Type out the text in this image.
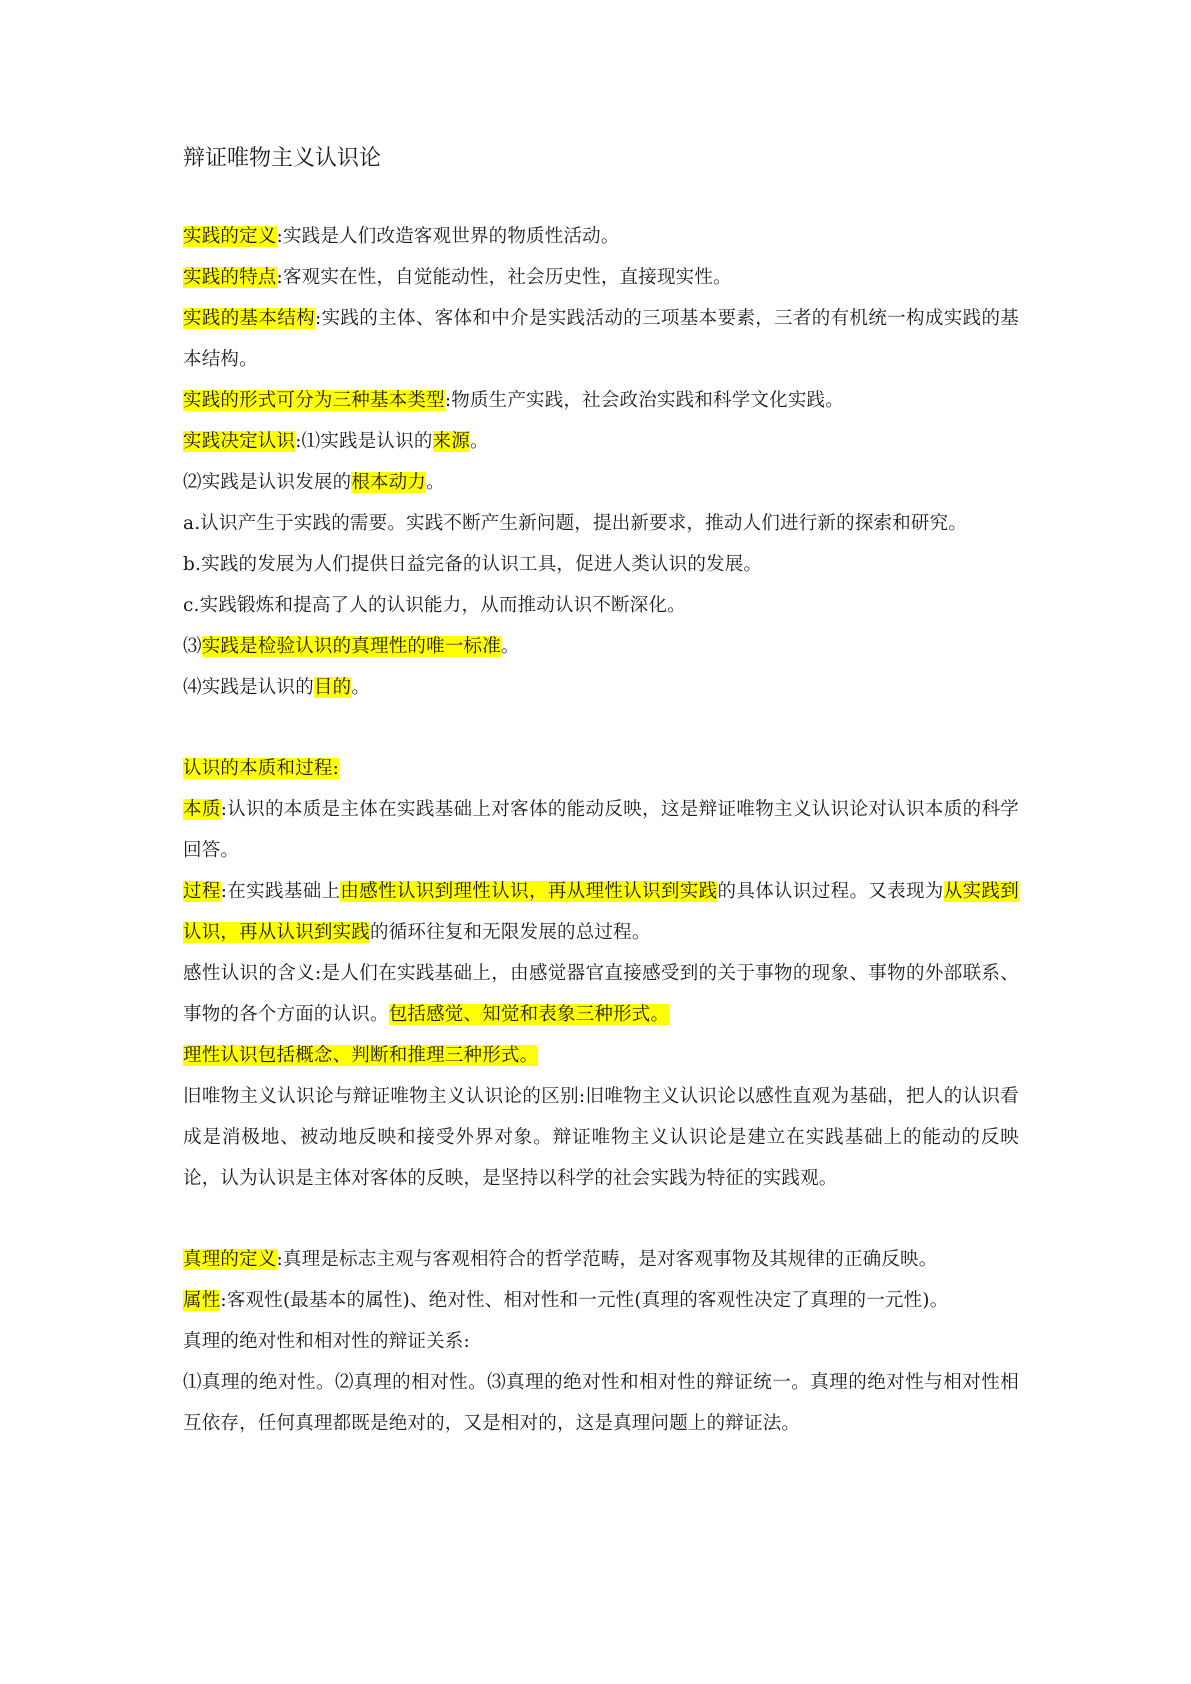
辩证唯物主义认识论

实践的定义:实践是人们改造客观世界的物质性活动。

实践的特点:客观实在性，自觉能动性，社会历史性，直接现实性。

实践的基本结构:实践的主体、客体和中介是实践活动的三项基本要素，三者的有机统一构成实践的基本结构。

实践的形式可分为三种基本类型:物质生产实践，社会政治实践和科学文化实践。

实践决定认识:⑴实践是认识的来源。

⑵实践是认识发展的根本动力。

a.认识产生于实践的需要。实践不断产生新问题，提出新要求，推动人们进行新的探索和研究。

b.实践的发展为人们提供日益完备的认识工具，促进人类认识的发展。

c.实践锻炼和提高了人的认识能力，从而推动认识不断深化。

⑶实践是检验认识的真理性的唯一标准。

⑷实践是认识的目的。

认识的本质和过程:

本质:认识的本质是主体在实践基础上对客体的能动反映，这是辩证唯物主义认识论对认识本质的科学回答。

过程:在实践基础上由感性认识到理性认识，再从理性认识到实践的具体认识过程。又表现为从实践到认识，再从认识到实践的循环往复和无限发展的总过程。

感性认识的含义:是人们在实践基础上，由感觉器官直接感受到的关于事物的现象、事物的外部联系、事物的各个方面的认识。包括感觉、知觉和表象三种形式。

理性认识包括概念、判断和推理三种形式。

旧唯物主义认识论与辩证唯物主义认识论的区别:旧唯物主义认识论以感性直观为基础，把人的认识看成是消极地、被动地反映和接受外界对象。辩证唯物主义认识论是建立在实践基础上的能动的反映论，认为认识是主体对客体的反映，是坚持以科学的社会实践为特征的实践观。

真理的定义:真理是标志主观与客观相符合的哲学范畴，是对客观事物及其规律的正确反映。

属性:客观性(最基本的属性)、绝对性、相对性和一元性(真理的客观性决定了真理的一元性)。

真理的绝对性和相对性的辩证关系:

⑴真理的绝对性。⑵真理的相对性。⑶真理的绝对性和相对性的辩证统一。真理的绝对性与相对性相互依存，任何真理都既是绝对的，又是相对的，这是真理问题上的辩证法。
